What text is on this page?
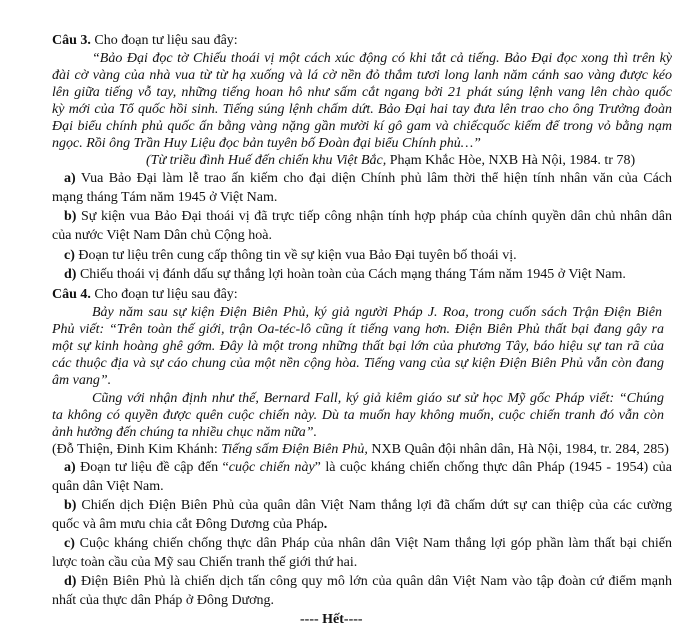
Câu 3. Cho đoạn tư liệu sau đây:
“Bảo Đại đọc tờ Chiếu thoái vị một cách xúc động có khi tắt cả tiếng. Bảo Đại đọc xong thì trên kỳ
đài cờ vàng của nhà vua từ từ hạ xuống và lá cờ nền đỏ thắm tươi long lanh năm cánh sao vàng được kéo
lên giữa tiếng vỗ tay, những tiếng hoan hô như sấm cắt ngang bởi 21 phát súng lệnh vang lên chào quốc
kỳ mới của Tổ quốc hồi sinh. Tiếng súng lệnh chấm dứt. Bảo Đại hai tay đưa lên trao cho ông Trưởng đoàn
Đại biểu chính phủ quốc ấn bằng vàng nặng gần mười kí gô gam và chiếcquốc kiếm để trong vỏ bằng nạm
ngọc. Rồi ông Trần Huy Liệu đọc bản tuyên bố Đoàn đại biểu Chính phủ…”
(Từ triều đình Huế đến chiến khu Việt Bắc, Phạm Khắc Hòe, NXB Hà Nội, 1984. tr 78)
a) Vua Bảo Đại làm lễ trao ấn kiếm cho đại diện Chính phủ lâm thời thể hiện tính nhân văn của Cách
mạng tháng Tám năm 1945 ở Việt Nam.
b) Sự kiện vua Bảo Đại thoái vị đã trực tiếp công nhận tính hợp pháp của chính quyền dân chủ nhân dân
của nước Việt Nam Dân chủ Cộng hoà.
c) Đoạn tư liệu trên cung cấp thông tin về sự kiện vua Bảo Đại tuyên bố thoái vị.
d) Chiếu thoái vị đánh dấu sự thắng lợi hoàn toàn của Cách mạng tháng Tám năm 1945 ở Việt Nam.
Câu 4. Cho đoạn tư liệu sau đây:
Bảy năm sau sự kiện Điện Biên Phủ, ký giả người Pháp J. Roa, trong cuốn sách Trận Điện Biên
Phủ viết: “Trên toàn thế giới, trận Oa-téc-lô cũng ít tiếng vang hơn. Điện Biên Phủ thất bại đang gây ra
một sự kinh hoàng ghê gớm. Đây là một trong những thất bại lớn của phương Tây, báo hiệu sự tan rã của
các thuộc địa và sự cáo chung của một nền cộng hòa. Tiếng vang của sự kiện Điện Biên Phủ vẫn còn đang
âm vang”.
Cũng với nhận định như thế, Bernard Fall, ký giả kiêm giáo sư sử học Mỹ gốc Pháp viết: “Chúng
ta không có quyền được quên cuộc chiến này. Dù ta muốn hay không muốn, cuộc chiến tranh đó vẫn còn
ảnh hưởng đến chúng ta nhiều chục năm nữa”.
(Đỗ Thiện, Đinh Kim Khánh: Tiếng sấm Điện Biên Phủ, NXB Quân đội nhân dân, Hà Nội, 1984, tr. 284, 285)
a) Đoạn tư liệu đề cập đến “cuộc chiến này” là cuộc kháng chiến chống thực dân Pháp (1945 - 1954) của
quân dân Việt Nam.
b) Chiến dịch Điện Biên Phủ của quân dân Việt Nam thắng lợi đã chấm dứt sự can thiệp của các cường
quốc và âm mưu chia cắt Đông Dương của Pháp.
c) Cuộc kháng chiến chống thực dân Pháp của nhân dân Việt Nam thắng lợi góp phần làm thất bại chiến
lược toàn cầu của Mỹ sau Chiến tranh thế giới thứ hai.
d) Điện Biên Phủ là chiến dịch tấn công quy mô lớn của quân dân Việt Nam vào tập đoàn cứ điểm mạnh
nhất của thực dân Pháp ở Đông Dương.
---- Hết----
